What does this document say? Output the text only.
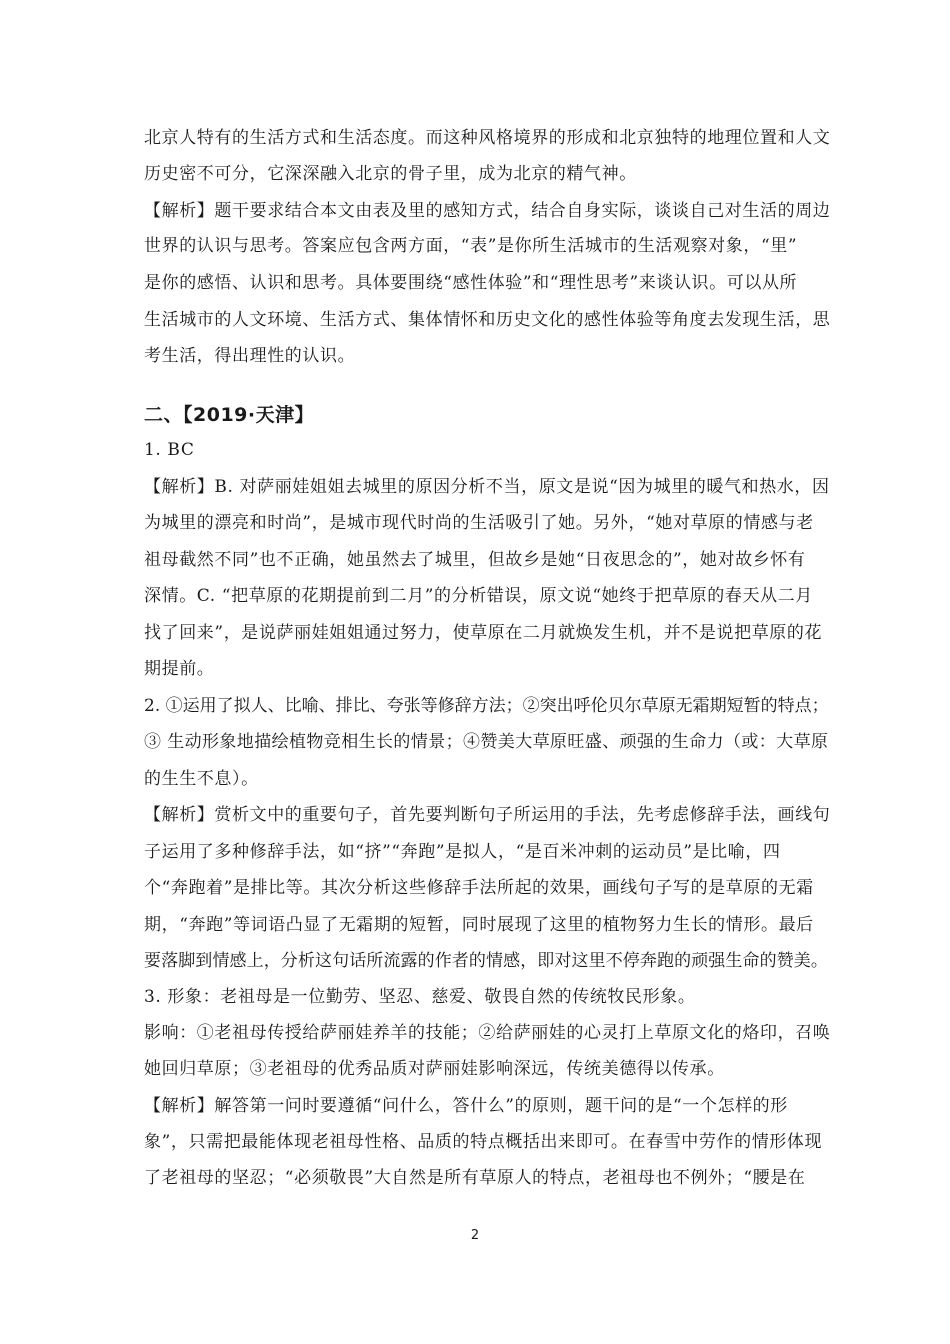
北京人特有的生活方式和生活态度。而这种风格境界的形成和北京独特的地理位置和人文
历史密不可分，它深深融入北京的骨子里，成为北京的精气神。
【解析】题干要求结合本文由表及里的感知方式，结合自身实际，谈谈自己对生活的周边
世界的认识与思考。答案应包含两方面，“表”是你所生活城市的生活观察对象，“里”
是你的感悟、认识和思考。具体要围绕“感性体验”和“理性思考”来谈认识。可以从所
生活城市的人文环境、生活方式、集体情怀和历史文化的感性体验等角度去发现生活，思
考生活，得出理性的认识。
二、【2019·天津】
1. BC
【解析】B. 对萨丽娃姐姐去城里的原因分析不当，原文是说“因为城里的暖气和热水，因
为城里的漂亮和时尚”，是城市现代时尚的生活吸引了她。另外，“她对草原的情感与老
祖母截然不同”也不正确，她虽然去了城里，但故乡是她“日夜思念的”，她对故乡怀有
深情。C. “把草原的花期提前到二月”的分析错误，原文说“她终于把草原的春天从二月
找了回来”，是说萨丽娃姐姐通过努力，使草原在二月就焕发生机，并不是说把草原的花
期提前。
2. ①运用了拟人、比喻、排比、夸张等修辞方法；②突出呼伦贝尔草原无霜期短暂的特点；
③ 生动形象地描绘植物竞相生长的情景；④赞美大草原旺盛、顽强的生命力（或：大草原
的生生不息）。
【解析】赏析文中的重要句子，首先要判断句子所运用的手法，先考虑修辞手法，画线句
子运用了多种修辞手法，如“挤”“奔跑”是拟人，“是百米冲刺的运动员”是比喻，四
个“奔跑着”是排比等。其次分析这些修辞手法所起的效果，画线句子写的是草原的无霜
期，“奔跑”等词语凸显了无霜期的短暂，同时展现了这里的植物努力生长的情形。最后
要落脚到情感上，分析这句话所流露的作者的情感，即对这里不停奔跑的顽强生命的赞美。
3. 形象：老祖母是一位勤劳、坚忍、慈爱、敬畏自然的传统牧民形象。
影响：①老祖母传授给萨丽娃养羊的技能；②给萨丽娃的心灵打上草原文化的烙印，召唤
她回归草原；③老祖母的优秀品质对萨丽娃影响深远，传统美德得以传承。
【解析】解答第一问时要遵循“问什么，答什么”的原则，题干问的是“一个怎样的形
象”，只需把最能体现老祖母性格、品质的特点概括出来即可。在春雪中劳作的情形体现
了老祖母的坚忍；“必须敬畏”大自然是所有草原人的特点，老祖母也不例外；“腰是在
2
